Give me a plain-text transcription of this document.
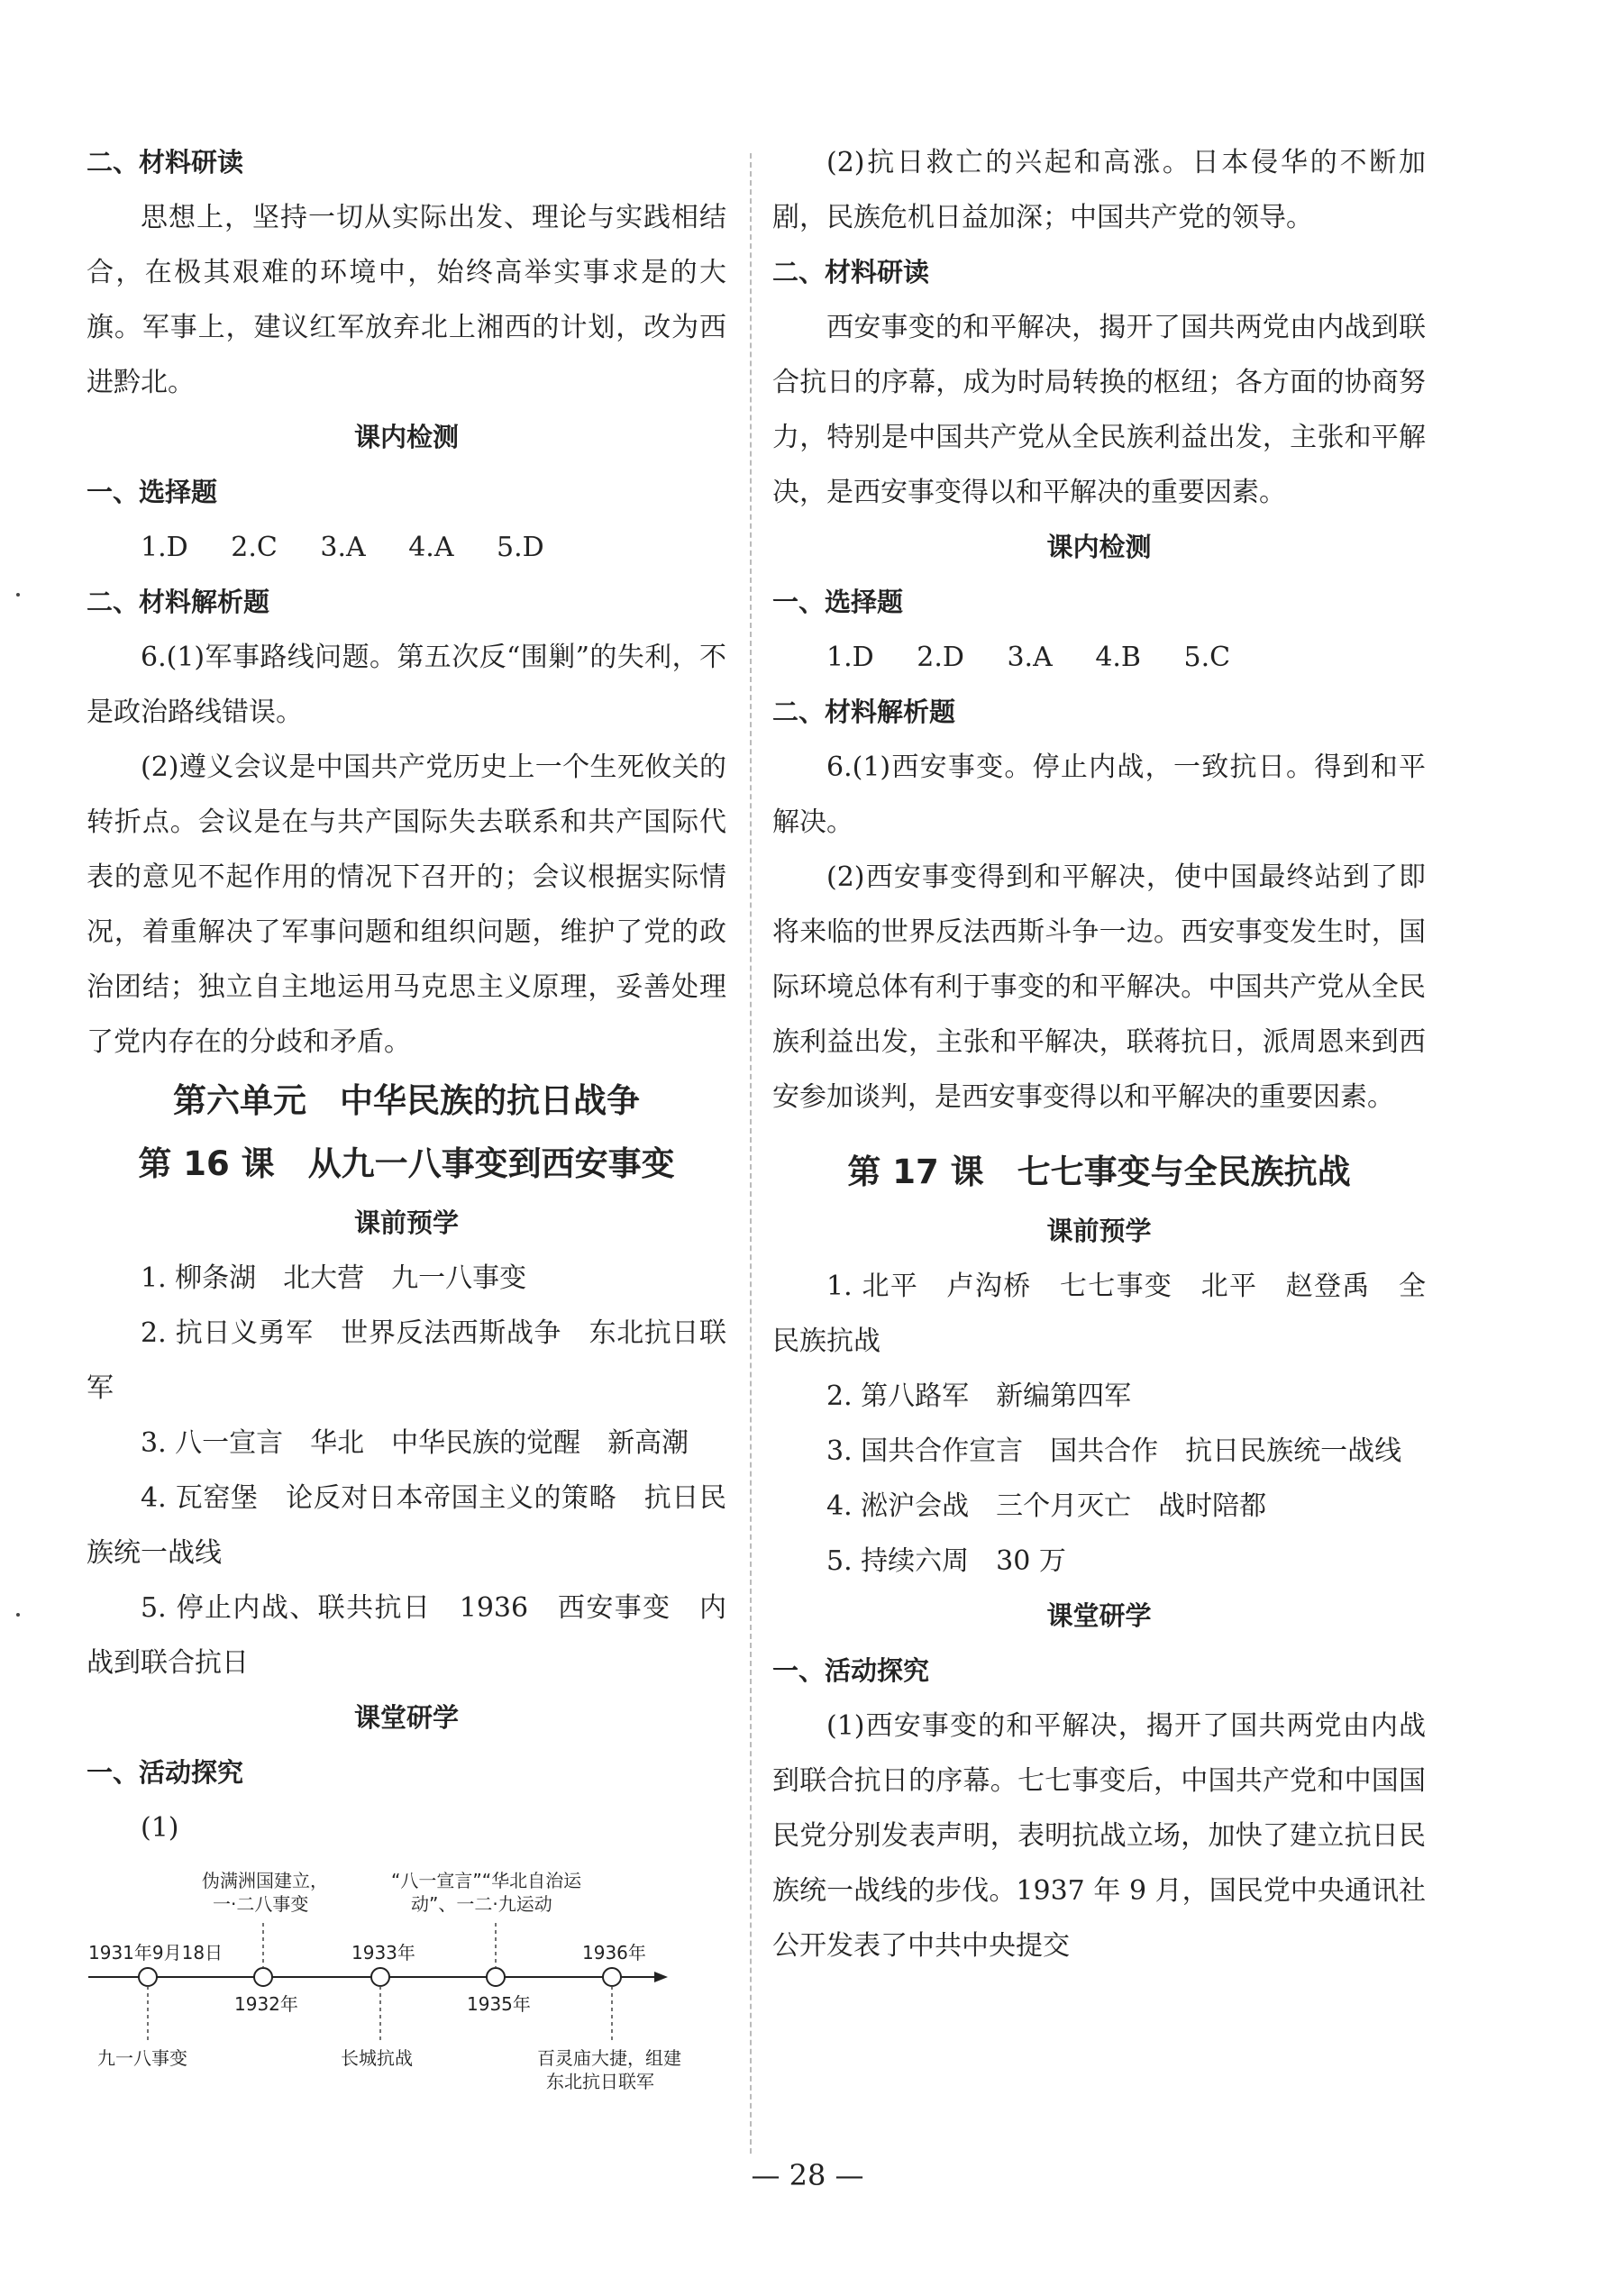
二、材料研读
思想上，坚持一切从实际出发、理论与实践相结合，在极其艰难的环境中，始终高举实事求是的大旗。军事上，建议红军放弃北上湘西的计划，改为西进黔北。
课内检测
一、选择题
1.D 2.C 3.A 4.A 5.D
二、材料解析题
6.(1)军事路线问题。第五次反“围剿”的失利，不是政治路线错误。
(2)遵义会议是中国共产党历史上一个生死攸关的转折点。会议是在与共产国际失去联系和共产国际代表的意见不起作用的情况下召开的；会议根据实际情况，着重解决了军事问题和组织问题，维护了党的政治团结；独立自主地运用马克思主义原理，妥善处理了党内存在的分歧和矛盾。
第六单元　中华民族的抗日战争
第 16 课　从九一八事变到西安事变
课前预学
1. 柳条湖　北大营　九一八事变
2. 抗日义勇军　世界反法西斯战争　东北抗日联军
3. 八一宣言　华北　中华民族的觉醒　新高潮
4. 瓦窑堡　论反对日本帝国主义的策略　抗日民族统一战线
5. 停止内战、联共抗日　1936　西安事变　内战到联合抗日
课堂研学
一、活动探究
(1)
1931年9月18日
1932年
1933年
1935年
1936年
伪满洲国建立，
一·二八事变
“八一宣言”“华北自治运
动”、一二·九运动
九一八事变	长城抗战	百灵庙大捷，组建
东北抗日联军
(2)抗日救亡的兴起和高涨。日本侵华的不断加剧，民族危机日益加深；中国共产党的领导。
二、材料研读
西安事变的和平解决，揭开了国共两党由内战到联合抗日的序幕，成为时局转换的枢纽；各方面的协商努力，特别是中国共产党从全民族利益出发，主张和平解决，是西安事变得以和平解决的重要因素。
课内检测
一、选择题
1.D 2.D 3.A 4.B 5.C
二、材料解析题
6.(1)西安事变。停止内战，一致抗日。得到和平解决。
(2)西安事变得到和平解决，使中国最终站到了即将来临的世界反法西斯斗争一边。西安事变发生时，国际环境总体有利于事变的和平解决。中国共产党从全民族利益出发，主张和平解决，联蒋抗日，派周恩来到西安参加谈判，是西安事变得以和平解决的重要因素。
第 17 课　七七事变与全民族抗战
课前预学
1. 北平　卢沟桥　七七事变　北平　赵登禹　全民族抗战
2. 第八路军　新编第四军
3. 国共合作宣言　国共合作　抗日民族统一战线
4. 淞沪会战　三个月灭亡　战时陪都
5. 持续六周　30 万
课堂研学
一、活动探究
(1)西安事变的和平解决，揭开了国共两党由内战到联合抗日的序幕。七七事变后，中国共产党和中国国民党分别发表声明，表明抗战立场，加快了建立抗日民族统一战线的步伐。1937 年 9 月，国民党中央通讯社公开发表了中共中央提交
— 28 —
